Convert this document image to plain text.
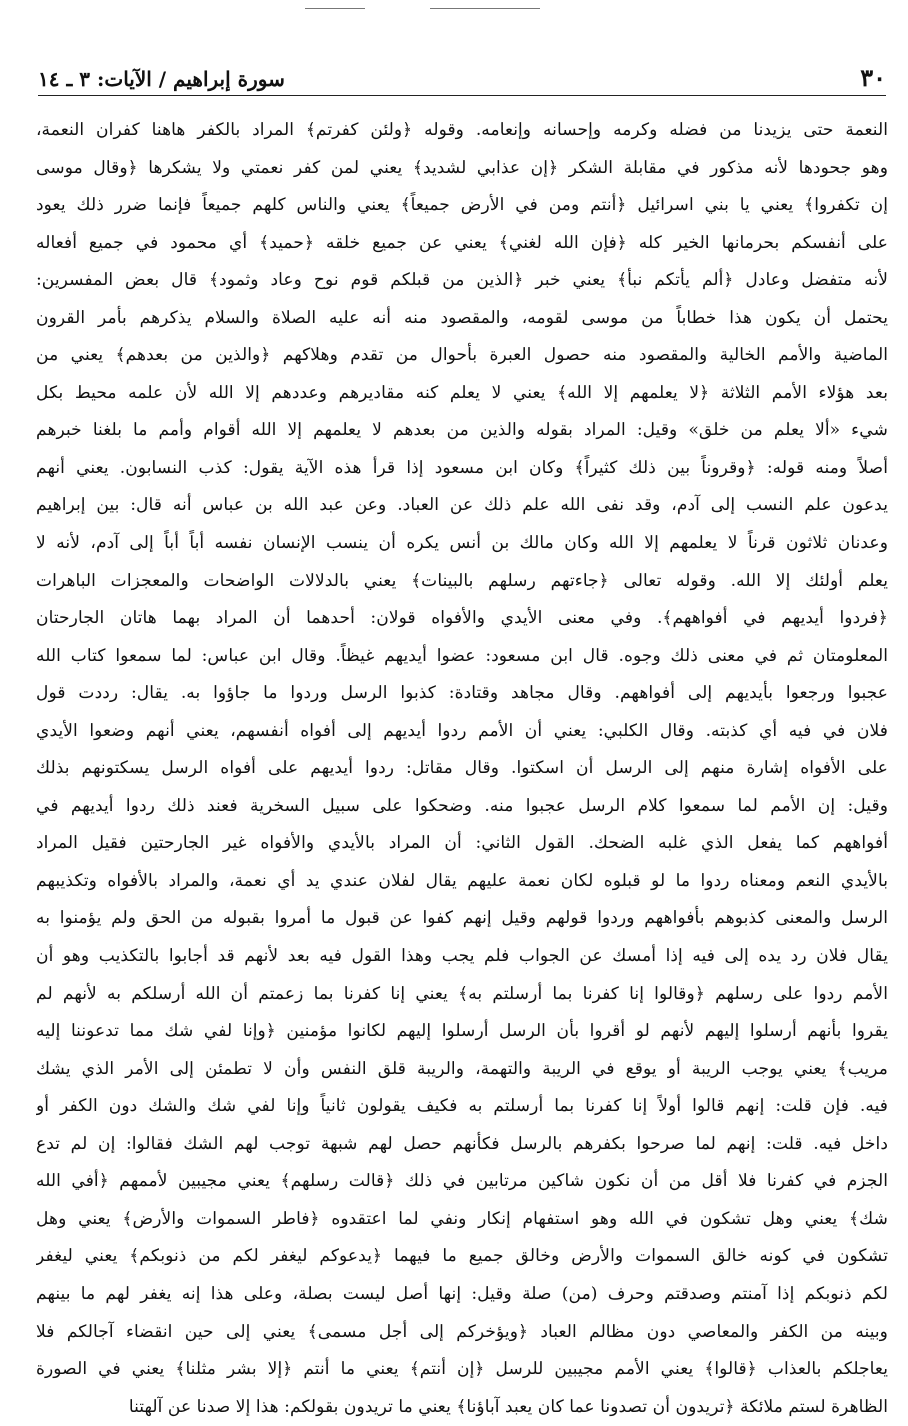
٣٠
سورة إبراهيم / الآيات: ٣ ـ ١٤
النعمة حتى يزيدنا من فضله وكرمه وإحسانه وإنعامه. وقوله ﴿ولئن كفرتم﴾ المراد بالكفر هاهنا كفران النعمة،
وهو جحودها لأنه مذكور في مقابلة الشكر ﴿إن عذابي لشديد﴾ يعني لمن كفر نعمتي ولا يشكرها ﴿وقال موسى
إن تكفروا﴾ يعني يا بني اسرائيل ﴿أنتم ومن في الأرض جميعاً﴾ يعني والناس كلهم جميعاً فإنما ضرر ذلك يعود
على أنفسكم بحرمانها الخير كله ﴿فإن الله لغني﴾ يعني عن جميع خلقه ﴿حميد﴾ أي محمود في جميع أفعاله
لأنه متفضل وعادل ﴿ألم يأتكم نبأ﴾ يعني خبر ﴿الذين من قبلكم قوم نوح وعاد وثمود﴾ قال بعض المفسرين:
يحتمل أن يكون هذا خطاباً من موسى لقومه، والمقصود منه أنه عليه الصلاة والسلام يذكرهم بأمر القرون
الماضية والأمم الخالية والمقصود منه حصول العبرة بأحوال من تقدم وهلاكهم ﴿والذين من بعدهم﴾ يعني من
بعد هؤلاء الأمم الثلاثة ﴿لا يعلمهم إلا الله﴾ يعني لا يعلم كنه مقاديرهم وعددهم إلا الله لأن علمه محيط بكل
شيء «ألا يعلم من خلق» وقيل: المراد بقوله والذين من بعدهم لا يعلمهم إلا الله أقوام وأمم ما بلغنا خبرهم
أصلاً ومنه قوله: ﴿وقروناً بين ذلك كثيراً﴾ وكان ابن مسعود إذا قرأ هذه الآية يقول: كذب النسابون. يعني أنهم
يدعون علم النسب إلى آدم، وقد نفى الله علم ذلك عن العباد. وعن عبد الله بن عباس أنه قال: بين إبراهيم
وعدنان ثلاثون قرناً لا يعلمهم إلا الله وكان مالك بن أنس يكره أن ينسب الإنسان نفسه أباً أباً إلى آدم، لأنه لا
يعلم أولئك إلا الله. وقوله تعالى ﴿جاءتهم رسلهم بالبينات﴾ يعني بالدلالات الواضحات والمعجزات الباهرات
﴿فردوا أيديهم في أفواههم﴾. وفي معنى الأيدي والأفواه قولان: أحدهما أن المراد بهما هاتان الجارحتان
المعلومتان ثم في معنى ذلك وجوه. قال ابن مسعود: عضوا أيديهم غيظاً. وقال ابن عباس: لما سمعوا كتاب الله
عجبوا ورجعوا بأيديهم إلى أفواههم. وقال مجاهد وقتادة: كذبوا الرسل وردوا ما جاؤوا به. يقال: رددت قول
فلان في فيه أي كذبته. وقال الكلبي: يعني أن الأمم ردوا أيديهم إلى أفواه أنفسهم، يعني أنهم وضعوا الأيدي
على الأفواه إشارة منهم إلى الرسل أن اسكتوا. وقال مقاتل: ردوا أيديهم على أفواه الرسل يسكتونهم بذلك
وقيل: إن الأمم لما سمعوا كلام الرسل عجبوا منه. وضحكوا على سبيل السخرية فعند ذلك ردوا أيديهم في
أفواههم كما يفعل الذي غلبه الضحك. القول الثاني: أن المراد بالأيدي والأفواه غير الجارحتين فقيل المراد
بالأيدي النعم ومعناه ردوا ما لو قبلوه لكان نعمة عليهم يقال لفلان عندي يد أي نعمة، والمراد بالأفواه وتكذيبهم
الرسل والمعنى كذبوهم بأفواههم وردوا قولهم وقيل إنهم كفوا عن قبول ما أمروا بقبوله من الحق ولم يؤمنوا به
يقال فلان رد يده إلى فيه إذا أمسك عن الجواب فلم يجب وهذا القول فيه بعد لأنهم قد أجابوا بالتكذيب وهو أن
الأمم ردوا على رسلهم ﴿وقالوا إنا كفرنا بما أرسلتم به﴾ يعني إنا كفرنا بما زعمتم أن الله أرسلكم به لأنهم لم
يقروا بأنهم أرسلوا إليهم لأنهم لو أقروا بأن الرسل أرسلوا إليهم لكانوا مؤمنين ﴿وإنا لفي شك مما تدعوننا إليه
مريب﴾ يعني يوجب الريبة أو يوقع في الريبة والتهمة، والريبة قلق النفس وأن لا تطمئن إلى الأمر الذي يشك
فيه. فإن قلت: إنهم قالوا أولاً إنا كفرنا بما أرسلتم به فكيف يقولون ثانياً وإنا لفي شك والشك دون الكفر أو
داخل فيه. قلت: إنهم لما صرحوا بكفرهم بالرسل فكأنهم حصل لهم شبهة توجب لهم الشك فقالوا: إن لم تدع
الجزم في كفرنا فلا أقل من أن نكون شاكين مرتابين في ذلك ﴿قالت رسلهم﴾ يعني مجيبين لأممهم ﴿أفي الله
شك﴾ يعني وهل تشكون في الله وهو استفهام إنكار ونفي لما اعتقدوه ﴿فاطر السموات والأرض﴾ يعني وهل
تشكون في كونه خالق السموات والأرض وخالق جميع ما فيهما ﴿يدعوكم ليغفر لكم من ذنوبكم﴾ يعني ليغفر
لكم ذنوبكم إذا آمنتم وصدقتم وحرف (من) صلة وقيل: إنها أصل ليست بصلة، وعلى هذا إنه يغفر لهم ما بينهم
وبينه من الكفر والمعاصي دون مظالم العباد ﴿ويؤخركم إلى أجل مسمى﴾ يعني إلى حين انقضاء آجالكم فلا
يعاجلكم بالعذاب ﴿قالوا﴾ يعني الأمم مجيبين للرسل ﴿إن أنتم﴾ يعني ما أنتم ﴿إلا بشر مثلنا﴾ يعني في الصورة
الظاهرة لستم ملائكة ﴿تريدون أن تصدونا عما كان يعبد آباؤنا﴾ يعني ما تريدون بقولكم: هذا إلا صدنا عن آلهتنا
